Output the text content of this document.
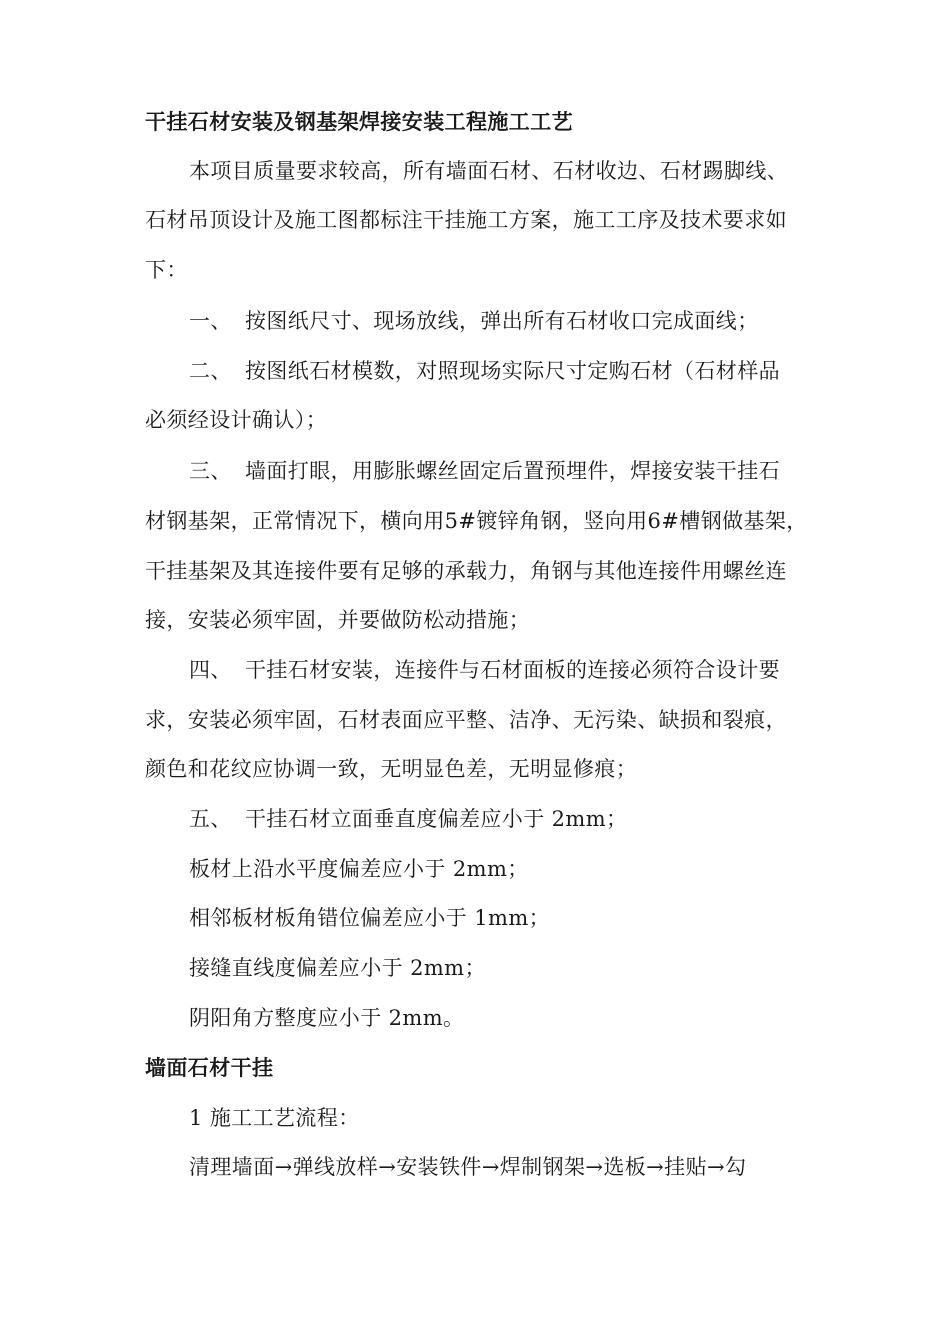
干挂石材安装及钢基架焊接安装工程施工工艺
本项目质量要求较高，所有墙面石材、石材收边、石材踢脚线、
石材吊顶设计及施工图都标注干挂施工方案，施工工序及技术要求如
下：
一、 按图纸尺寸、现场放线，弹出所有石材收口完成面线；
二、 按图纸石材模数，对照现场实际尺寸定购石材（石材样品
必须经设计确认）；
三、 墙面打眼，用膨胀螺丝固定后置预埋件，焊接安装干挂石
材钢基架，正常情况下，横向用5#镀锌角钢，竖向用6#槽钢做基架，
干挂基架及其连接件要有足够的承载力，角钢与其他连接件用螺丝连
接，安装必须牢固，并要做防松动措施；
四、 干挂石材安装，连接件与石材面板的连接必须符合设计要
求，安装必须牢固，石材表面应平整、洁净、无污染、缺损和裂痕，
颜色和花纹应协调一致，无明显色差，无明显修痕；
五、 干挂石材立面垂直度偏差应小于 2mm；
板材上沿水平度偏差应小于 2mm；
相邻板材板角错位偏差应小于 1mm；
接缝直线度偏差应小于 2mm；
阴阳角方整度应小于 2mm。
墙面石材干挂
1 施工工艺流程：
清理墙面→弹线放样→安装铁件→焊制钢架→选板→挂贴→勾
